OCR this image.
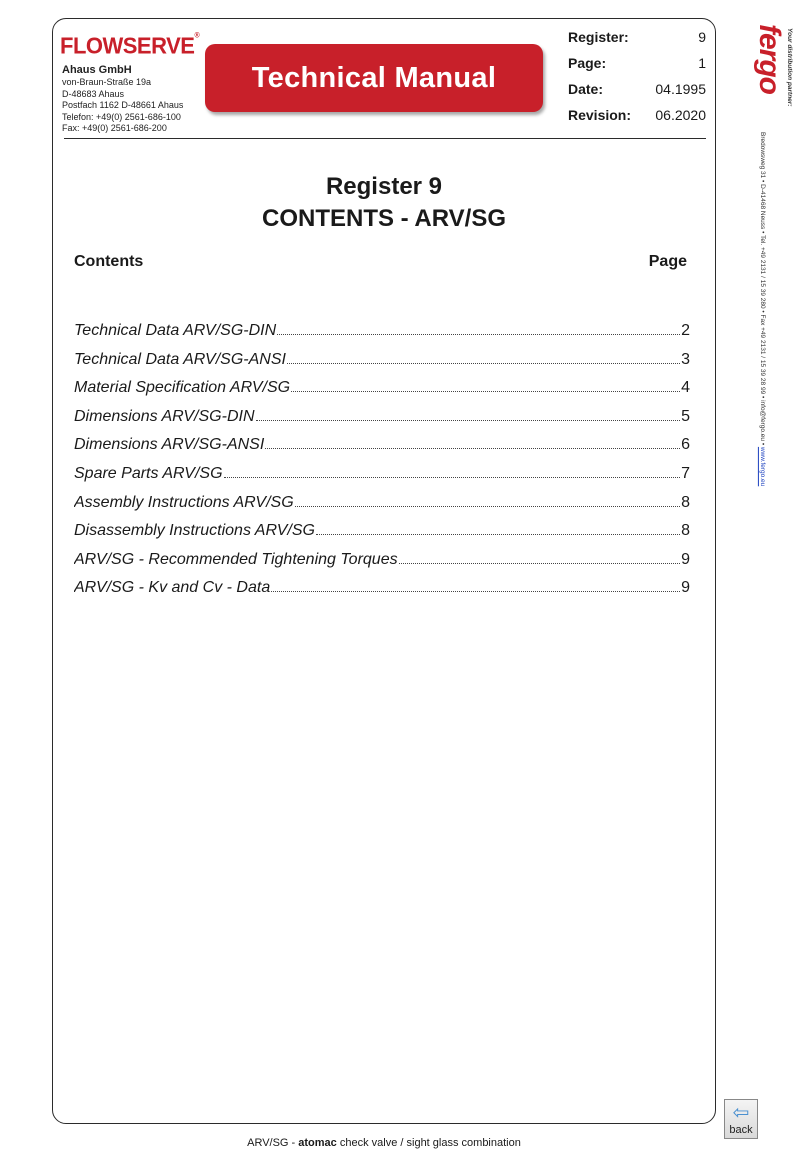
FLOWSERVE®
Ahaus GmbH
von-Braun-Straße 19a
D-48683 Ahaus
Postfach 1162 D-48661 Ahaus
Telefon: +49(0) 2561-686-100
Fax: +49(0) 2561-686-200
Technical Manual
Register:	9
Page:	1
Date:	04.1995
Revision: 06.2020
Register 9
CONTENTS - ARV/SG
Contents	Page
Technical Data ARV/SG-DIN	2
Technical Data ARV/SG-ANSI	3
Material Specification ARV/SG	4
Dimensions ARV/SG-DIN	5
Dimensions ARV/SG-ANSI	6
Spare Parts ARV/SG	7
Assembly Instructions ARV/SG	8
Disassembly Instructions ARV/SG	8
ARV/SG - Recommended Tightening Torques	9
ARV/SG - Kv and Cv - Data	9
ARV/SG - atomac check valve / sight glass combination
fergo Your distribution partner:
Bredowsweg 31 • D-41468 Neuss • Tel. +49 2131 / 15 39 280 • Fax +49 2131 / 15 39 28 99 • info@fergo.eu • www.fergo.eu
⇦
back
